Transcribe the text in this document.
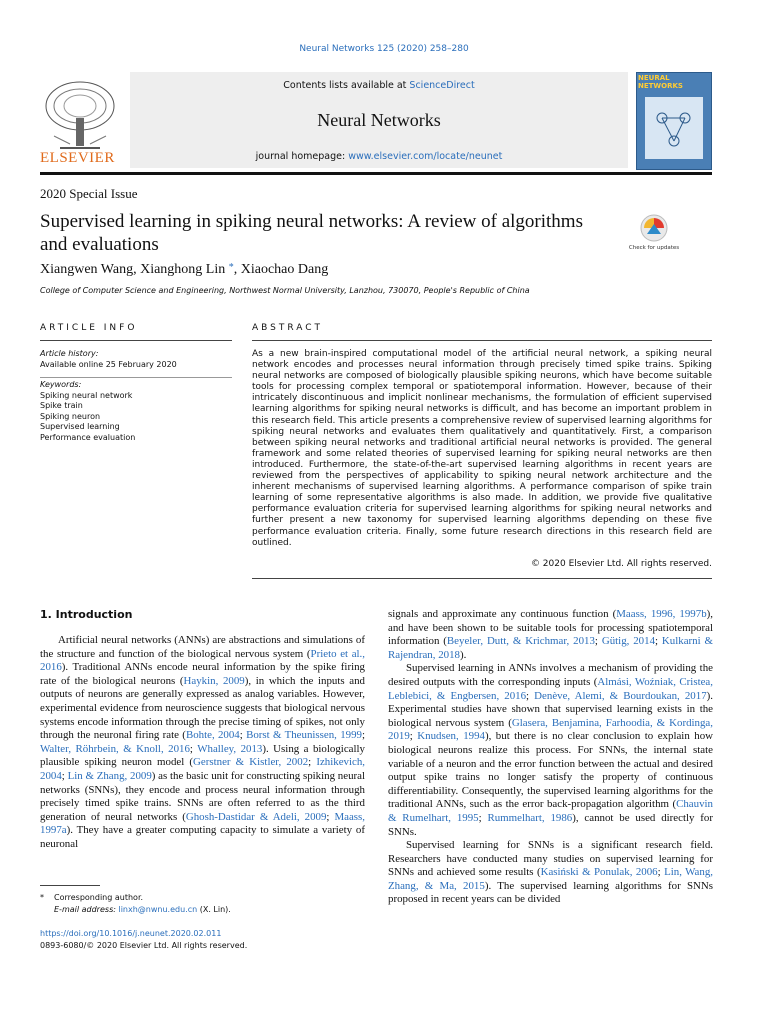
Neural Networks 125 (2020) 258–280
Contents lists available at ScienceDirect
Neural Networks
journal homepage: www.elsevier.com/locate/neunet
ELSEVIER
NEURAL NETWORKS
2020 Special Issue
Supervised learning in spiking neural networks: A review of algorithms and evaluations	Check for updates
Xiangwen Wang, Xianghong Lin *, Xiaochao Dang
College of Computer Science and Engineering, Northwest Normal University, Lanzhou, 730070, People's Republic of China
ARTICLE INFO	ABSTRACT
Article history:
Available online 25 February 2020
Keywords:
Spiking neural network
Spike train
Spiking neuron
Supervised learning
Performance evaluation
As a new brain-inspired computational model of the artificial neural network, a spiking neural network encodes and processes neural information through precisely timed spike trains. Spiking neural networks are composed of biologically plausible spiking neurons, which have become suitable tools for processing complex temporal or spatiotemporal information. However, because of their intricately discontinuous and implicit nonlinear mechanisms, the formulation of efficient supervised learning algorithms for spiking neural networks is difficult, and has become an important problem in this research field. This article presents a comprehensive review of supervised learning algorithms for spiking neural networks and evaluates them qualitatively and quantitatively. First, a comparison between spiking neural networks and traditional artificial neural networks is provided. The general framework and some related theories of supervised learning for spiking neural networks are then introduced. Furthermore, the state-of-the-art supervised learning algorithms in recent years are reviewed from the perspectives of applicability to spiking neural network architecture and the inherent mechanisms of supervised learning algorithms. A performance comparison of spike train learning of some representative algorithms is also made. In addition, we provide five qualitative performance evaluation criteria for supervised learning algorithms for spiking neural networks and further present a new taxonomy for supervised learning algorithms depending on these five performance evaluation criteria. Finally, some future research directions in this research field are outlined.
© 2020 Elsevier Ltd. All rights reserved.
1. Introduction

Artificial neural networks (ANNs) are abstractions and simulations of the structure and function of the biological nervous system (Prieto et al., 2016). Traditional ANNs encode neural information by the spike firing rate of the biological neurons (Haykin, 2009), in which the inputs and outputs of neurons are generally expressed as analog variables. However, experimental evidence from neuroscience suggests that biological nervous systems encode information through the precise timing of spikes, not only through the neuronal firing rate (Bohte, 2004; Borst & Theunissen, 1999; Walter, Röhrbein, & Knoll, 2016; Whalley, 2013). Using a biologically plausible spiking neuron model (Gerstner & Kistler, 2002; Izhikevich, 2004; Lin & Zhang, 2009) as the basic unit for constructing spiking neural networks (SNNs), they encode and process neural information through precisely timed spike trains. SNNs are often referred to as the third generation of neural networks (Ghosh-Dastidar & Adeli, 2009; Maass, 1997a). They have a greater computing capacity to simulate a variety of neuronal

signals and approximate any continuous function (Maass, 1996, 1997b), and have been shown to be suitable tools for processing spatiotemporal information (Beyeler, Dutt, & Krichmar, 2013; Gütig, 2014; Kulkarni & Rajendran, 2018).

Supervised learning in ANNs involves a mechanism of providing the desired outputs with the corresponding inputs (Almási, Woźniak, Cristea, Leblebici, & Engbersen, 2016; Denève, Alemi, & Bourdoukan, 2017). Experimental studies have shown that supervised learning exists in the biological nervous system (Glasera, Benjamina, Farhoodia, & Kordinga, 2019; Knudsen, 1994), but there is no clear conclusion to explain how biological neurons realize this process. For SNNs, the internal state variable of a neuron and the error function between the actual and desired output spike trains no longer satisfy the property of continuous differentiability. Consequently, the supervised learning algorithms for the traditional ANNs, such as the error back-propagation algorithm (Chauvin & Rumelhart, 1995; Rummelhart, 1986), cannot be used directly for SNNs.

Supervised learning for SNNs is a significant research field. Researchers have conducted many studies on supervised learning for SNNs and achieved some results (Kasiński & Ponulak, 2006; Lin, Wang, Zhang, & Ma, 2015). The supervised learning algorithms for SNNs proposed in recent years can be divided

* Corresponding author.
E-mail address: linxh@nwnu.edu.cn (X. Lin).
https://doi.org/10.1016/j.neunet.2020.02.011
0893-6080/© 2020 Elsevier Ltd. All rights reserved.
